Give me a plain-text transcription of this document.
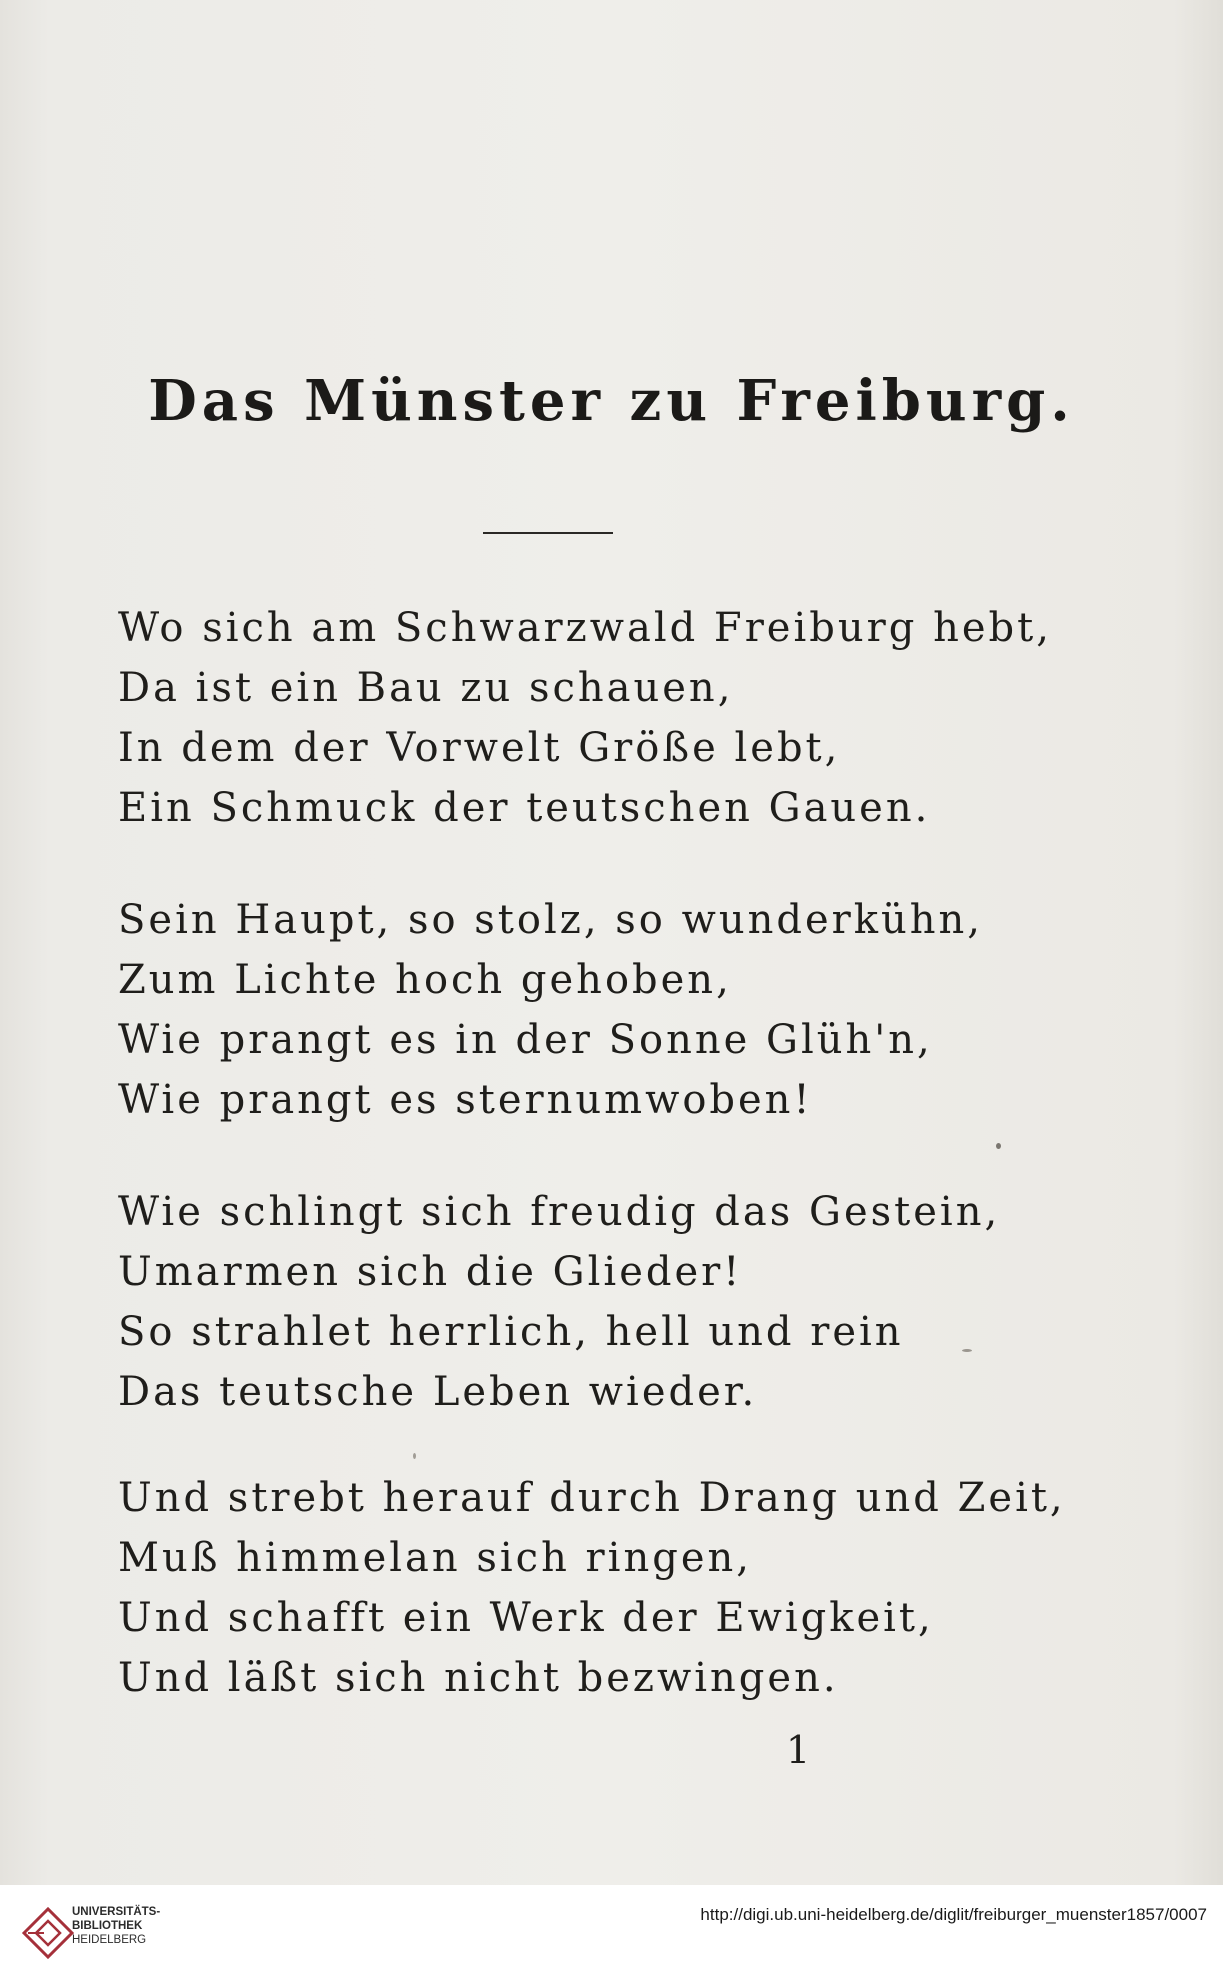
Das Münster zu Freiburg.
Wo sich am Schwarzwald Freiburg hebt,
Da ist ein Bau zu schauen,
In dem der Vorwelt Größe lebt,
Ein Schmuck der teutschen Gauen.
Sein Haupt, so stolz, so wunderkühn,
Zum Lichte hoch gehoben,
Wie prangt es in der Sonne Glüh'n,
Wie prangt es sternumwoben!
Wie schlingt sich freudig das Gestein,
Umarmen sich die Glieder!
So strahlet herrlich, hell und rein
Das teutsche Leben wieder.
Und strebt herauf durch Drang und Zeit,
Muß himmelan sich ringen,
Und schafft ein Werk der Ewigkeit,
Und läßt sich nicht bezwingen.
1
UNIVERSITÄTS-
BIBLIOTHEK
HEIDELBERG
http://digi.ub.uni-heidelberg.de/diglit/freiburger_muenster1857/0007
